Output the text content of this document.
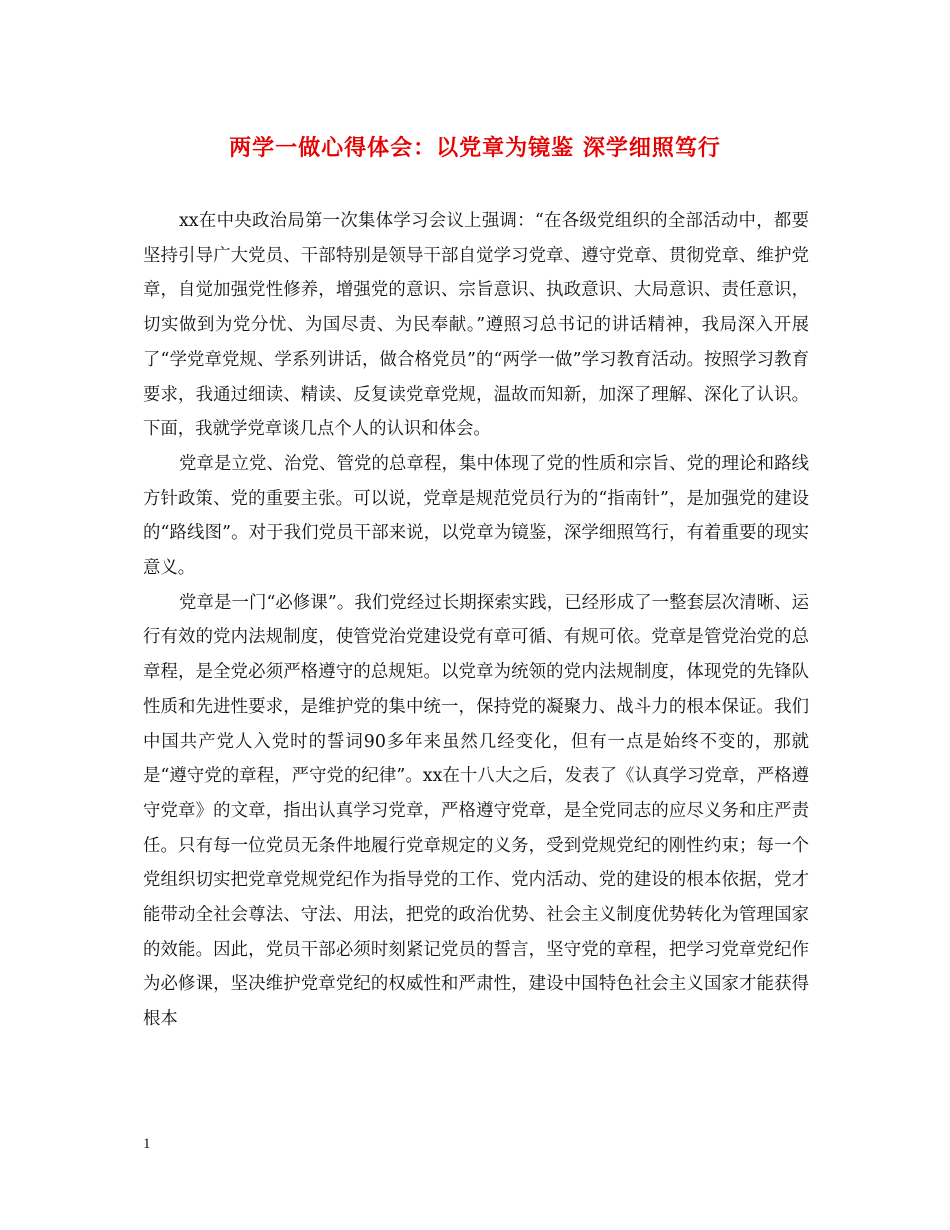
两学一做心得体会：以党章为镜鉴 深学细照笃行

xx在中央政治局第一次集体学习会议上强调：“在各级党组织的全部活动中，都要坚持引导广大党员、干部特别是领导干部自觉学习党章、遵守党章、贯彻党章、维护党章，自觉加强党性修养，增强党的意识、宗旨意识、执政意识、大局意识、责任意识，切实做到为党分忧、为国尽责、为民奉献。”遵照习总书记的讲话精神，我局深入开展了“学党章党规、学系列讲话，做合格党员”的“两学一做”学习教育活动。按照学习教育要求，我通过细读、精读、反复读党章党规，温故而知新，加深了理解、深化了认识。下面，我就学党章谈几点个人的认识和体会。

党章是立党、治党、管党的总章程，集中体现了党的性质和宗旨、党的理论和路线方针政策、党的重要主张。可以说，党章是规范党员行为的“指南针”，是加强党的建设的“路线图”。对于我们党员干部来说，以党章为镜鉴，深学细照笃行，有着重要的现实意义。

党章是一门“必修课”。我们党经过长期探索实践，已经形成了一整套层次清晰、运行有效的党内法规制度，使管党治党建设党有章可循、有规可依。党章是管党治党的总章程，是全党必须严格遵守的总规矩。以党章为统领的党内法规制度，体现党的先锋队性质和先进性要求，是维护党的集中统一，保持党的凝聚力、战斗力的根本保证。我们中国共产党人入党时的誓词90多年来虽然几经变化，但有一点是始终不变的，那就是“遵守党的章程，严守党的纪律”。xx在十八大之后，发表了《认真学习党章，严格遵守党章》的文章，指出认真学习党章，严格遵守党章，是全党同志的应尽义务和庄严责任。只有每一位党员无条件地履行党章规定的义务，受到党规党纪的刚性约束；每一个党组织切实把党章党规党纪作为指导党的工作、党内活动、党的建设的根本依据，党才能带动全社会尊法、守法、用法，把党的政治优势、社会主义制度优势转化为管理国家的效能。因此，党员干部必须时刻紧记党员的誓言，坚守党的章程，把学习党章党纪作为必修课，坚决维护党章党纪的权威性和严肃性，建设中国特色社会主义国家才能获得根本

1
